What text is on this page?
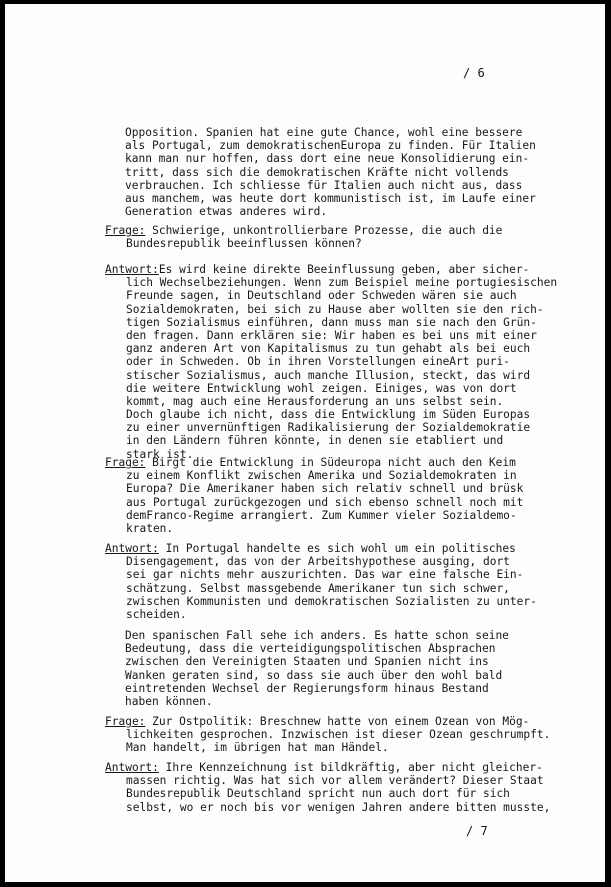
/ 6
Opposition. Spanien hat eine gute Chance, wohl eine bessere
als Portugal, zum demokratischenEuropa zu finden. Für Italien
kann man nur hoffen, dass dort eine neue Konsolidierung ein-
tritt, dass sich die demokratischen Kräfte nicht vollends
verbrauchen. Ich schliesse für Italien auch nicht aus, dass
aus manchem, was heute dort kommunistisch ist, im Laufe einer
Generation etwas anderes wird.
Frage: Schwierige, unkontrollierbare Prozesse, die auch die
Bundesrepublik beeinflussen können?
Antwort:Es wird keine direkte Beeinflussung geben, aber sicher-
lich Wechselbeziehungen. Wenn zum Beispiel meine portugiesischen
Freunde sagen, in Deutschland oder Schweden wären sie auch
Sozialdemokraten, bei sich zu Hause aber wollten sie den rich-
tigen Sozialismus einführen, dann muss man sie nach den Grün-
den fragen. Dann erklären sie: Wir haben es bei uns mit einer
ganz anderen Art von Kapitalismus zu tun gehabt als bei euch
oder in Schweden. Ob in ihren Vorstellungen eineArt puri-
stischer Sozialismus, auch manche Illusion, steckt, das wird
die weitere Entwicklung wohl zeigen. Einiges, was von dort
kommt, mag auch eine Herausforderung an uns selbst sein.
Doch glaube ich nicht, dass die Entwicklung im Süden Europas
zu einer unvernünftigen Radikalisierung der Sozialdemokratie
in den Ländern führen könnte, in denen sie etabliert und
stark ist.
Frage: Birgt die Entwicklung in Südeuropa nicht auch den Keim
zu einem Konflikt zwischen Amerika und Sozialdemokraten in
Europa? Die Amerikaner haben sich relativ schnell und brüsk
aus Portugal zurückgezogen und sich ebenso schnell noch mit
demFranco-Regime arrangiert. Zum Kummer vieler Sozialdemo-
kraten.
Antwort: In Portugal handelte es sich wohl um ein politisches
Disengagement, das von der Arbeitshypothese ausging, dort
sei gar nichts mehr auszurichten. Das war eine falsche Ein-
schätzung. Selbst massgebende Amerikaner tun sich schwer,
zwischen Kommunisten und demokratischen Sozialisten zu unter-
scheiden.
Den spanischen Fall sehe ich anders. Es hatte schon seine
Bedeutung, dass die verteidigungspolitischen Absprachen
zwischen den Vereinigten Staaten und Spanien nicht ins
Wanken geraten sind, so dass sie auch über den wohl bald
eintretenden Wechsel der Regierungsform hinaus Bestand
haben können.
Frage: Zur Ostpolitik: Breschnew hatte von einem Ozean von Mög-
lichkeiten gesprochen. Inzwischen ist dieser Ozean geschrumpft.
Man handelt, im übrigen hat man Händel.
Antwort: Ihre Kennzeichnung ist bildkräftig, aber nicht gleicher-
massen richtig. Was hat sich vor allem verändert? Dieser Staat
Bundesrepublik Deutschland spricht nun auch dort für sich
selbst, wo er noch bis vor wenigen Jahren andere bitten musste,
/ 7
